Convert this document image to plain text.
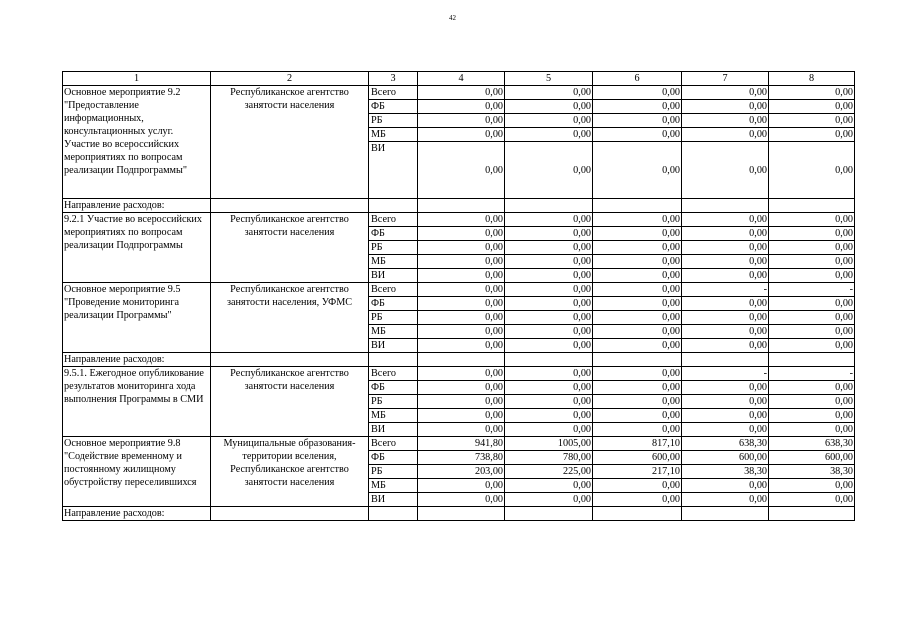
42
1	2	3	4	5	6	7	8
Основное мероприятие 9.2 "Предоставление информационных, консультационных услуг. Участие во всероссийских мероприятиях по вопросам реализации Подпрограммы"	Республиканское агентство занятости населения	Всего	0,00	0,00	0,00	0,00	0,00
		ФБ	0,00	0,00	0,00	0,00	0,00
		РБ	0,00	0,00	0,00	0,00	0,00
		МБ	0,00	0,00	0,00	0,00	0,00
		ВИ	0,00	0,00	0,00	0,00	0,00
Направление расходов:							
9.2.1 Участие во всероссийских мероприятиях по вопросам реализации Подпрограммы	Республиканское агентство занятости населения	Всего	0,00	0,00	0,00	0,00	0,00
		ФБ	0,00	0,00	0,00	0,00	0,00
		РБ	0,00	0,00	0,00	0,00	0,00
		МБ	0,00	0,00	0,00	0,00	0,00
		ВИ	0,00	0,00	0,00	0,00	0,00
Основное мероприятие 9.5 "Проведение мониторинга реализации Программы"	Республиканское агентство занятости населения, УФМС	Всего	0,00	0,00	0,00	-	-
		ФБ	0,00	0,00	0,00	0,00	0,00
		РБ	0,00	0,00	0,00	0,00	0,00
		МБ	0,00	0,00	0,00	0,00	0,00
		ВИ	0,00	0,00	0,00	0,00	0,00
Направление расходов:							
9.5.1. Ежегодное опубликование результатов мониторинга хода выполнения Программы в СМИ	Республиканское агентство занятости населения	Всего	0,00	0,00	0,00	-	-
		ФБ	0,00	0,00	0,00	0,00	0,00
		РБ	0,00	0,00	0,00	0,00	0,00
		МБ	0,00	0,00	0,00	0,00	0,00
		ВИ	0,00	0,00	0,00	0,00	0,00
Основное мероприятие 9.8 "Содействие временному и постоянному жилищному обустройству переселившихся	Муниципальные образования-территории вселения, Республиканское агентство занятости населения	Всего	941,80	1005,00	817,10	638,30	638,30
		ФБ	738,80	780,00	600,00	600,00	600,00
		РБ	203,00	225,00	217,10	38,30	38,30
		МБ	0,00	0,00	0,00	0,00	0,00
		ВИ	0,00	0,00	0,00	0,00	0,00
Направление расходов:							
